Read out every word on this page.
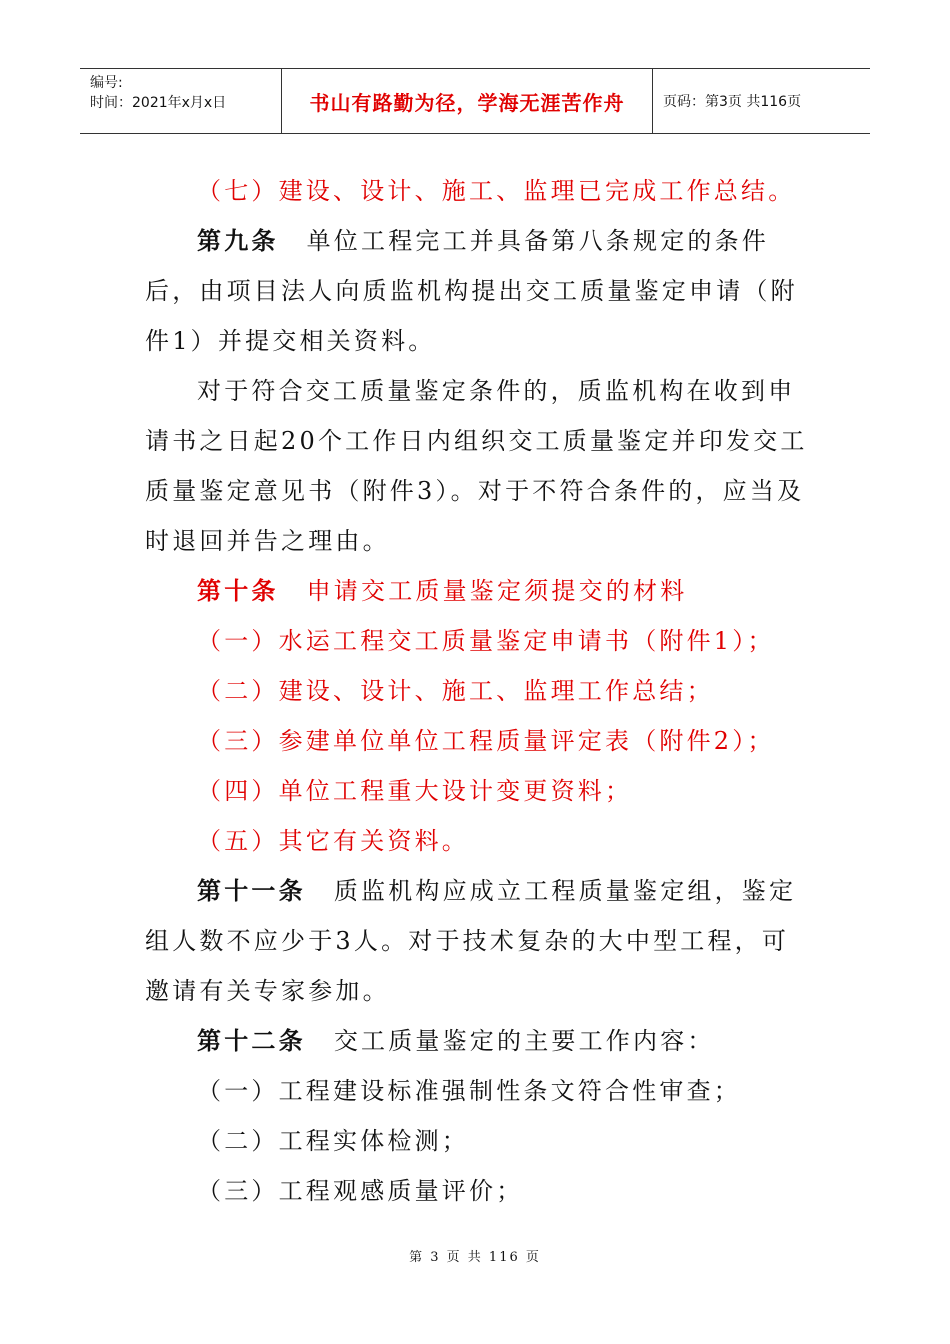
编号:
时间：2021年x月x日	书山有路勤为径，学海无涯苦作舟	页码：第3页 共116页

（七）建设、设计、施工、监理已完成工作总结。

第九条 单位工程完工并具备第八条规定的条件后，由项目法人向质监机构提出交工质量鉴定申请（附件1）并提交相关资料。

对于符合交工质量鉴定条件的，质监机构在收到申请书之日起20个工作日内组织交工质量鉴定并印发交工质量鉴定意见书（附件3）。对于不符合条件的，应当及时退回并告之理由。

第十条 申请交工质量鉴定须提交的材料

（一）水运工程交工质量鉴定申请书（附件1）；

（二）建设、设计、施工、监理工作总结；

（三）参建单位单位工程质量评定表（附件2）；

（四）单位工程重大设计变更资料；

（五）其它有关资料。

第十一条 质监机构应成立工程质量鉴定组，鉴定组人数不应少于3人。对于技术复杂的大中型工程，可邀请有关专家参加。

第十二条 交工质量鉴定的主要工作内容：

（一）工程建设标准强制性条文符合性审查；

（二）工程实体检测；

（三）工程观感质量评价；

第 3 页 共 116 页
